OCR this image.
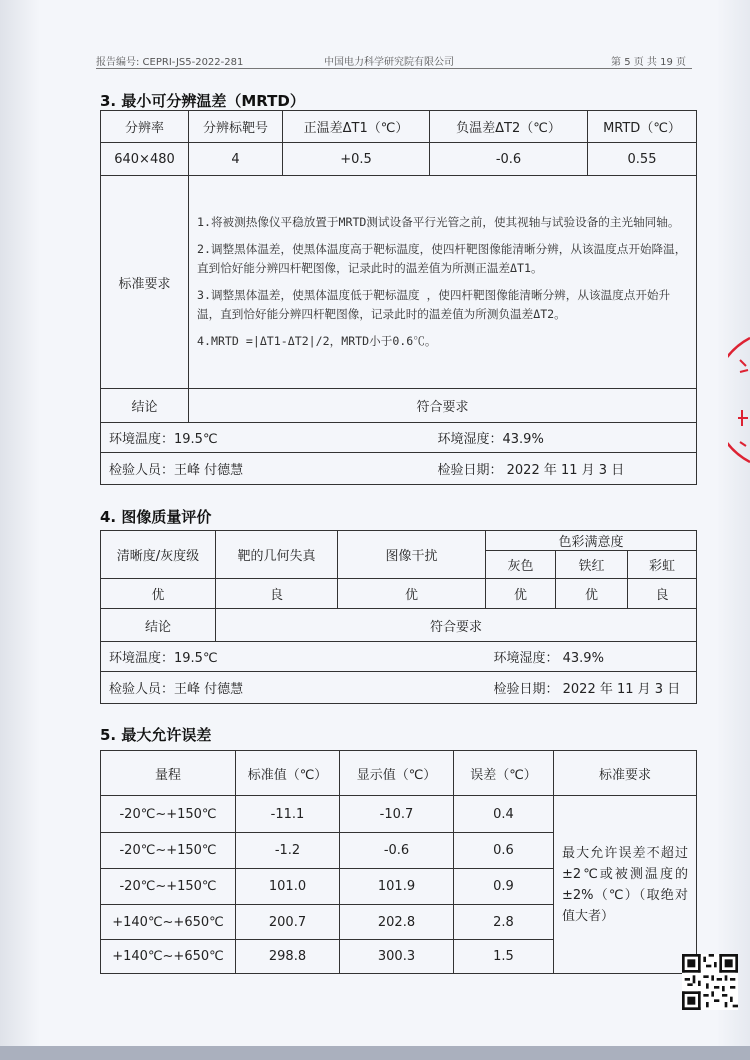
报告编号: CEPRI-JS5-2022-281	中国电力科学研究院有限公司	第 5 页 共 19 页
3. 最小可分辨温差（MRTD）
分辨率	分辨标靶号	正温差ΔT1（℃）	负温差ΔT2（℃）	MRTD（℃）
640×480	4	+0.5	-0.6	0.55
标准要求	1.将被测热像仪平稳放置于MRTD测试设备平行光管之前，使其视轴与试验设备的主光轴同轴。

2.调整黑体温差，使黑体温度高于靶标温度，使四杆靶图像能清晰分辨，从该温度点开始降温，直到恰好能分辨四杆靶图像，记录此时的温差值为所测正温差ΔT1。

3.调整黑体温差，使黑体温度低于靶标温度 ，使四杆靶图像能清晰分辨，从该温度点开始升温，直到恰好能分辨四杆靶图像，记录此时的温差值为所测负温差ΔT2。

4.MRTD =|ΔT1-ΔT2|/2，MRTD小于0.6℃。			

结论	符合要求			
环境温度：19.5℃			环境湿度：43.9%	
检验人员：王峰 付德慧			检验日期： 2022 年 11 月 3 日	
4. 图像质量评价
清晰度/灰度级	靶的几何失真	图像干扰	色彩满意度		
			灰色	铁红	彩虹
优	良	优	优	优	良
结论	符合要求				
环境温度：19.5℃			环境湿度： 43.9%		
检验人员：王峰 付德慧			检验日期： 2022 年 11 月 3 日		
5. 最大允许误差
量程	标准值（℃）	显示值（℃）	误差（℃）	标准要求
-20℃~+150℃	-11.1	-10.7	0.4	最大允许误差不超过±2℃或被测温度的±2%（℃）（取绝对值大者）
-20℃~+150℃	-1.2	-0.6	0.6	
-20℃~+150℃	101.0	101.9	0.9	
+140℃~+650℃	200.7	202.8	2.8	
+140℃~+650℃	298.8	300.3	1.5	
